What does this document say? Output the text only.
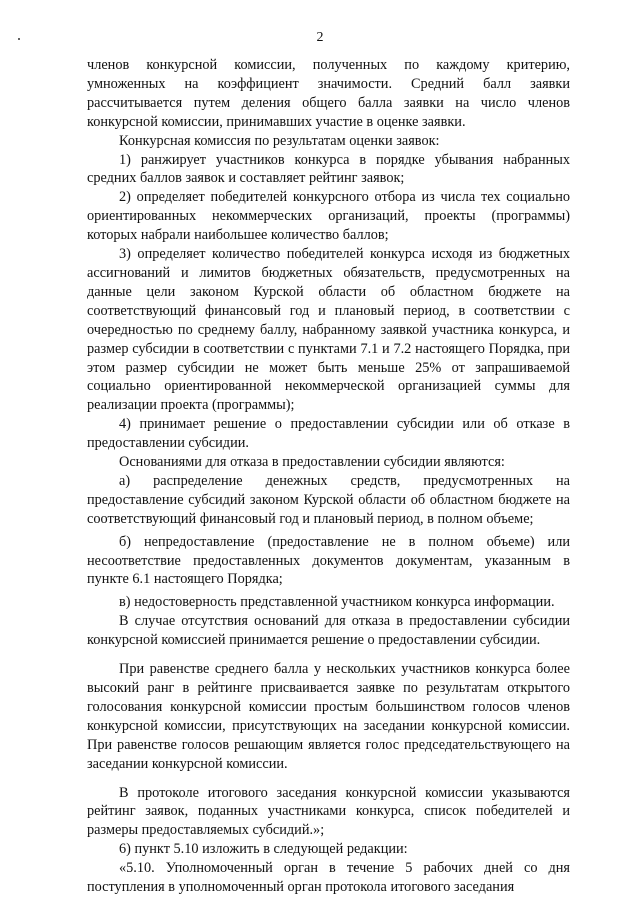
2

членов конкурсной комиссии, полученных по каждому критерию, умноженных на коэффициент значимости. Средний балл заявки рассчитывается путем деления общего балла заявки на число членов конкурсной комиссии, принимавших участие в оценке заявки.

Конкурсная комиссия по результатам оценки заявок:

1) ранжирует участников конкурса в порядке убывания набранных средних баллов заявок и составляет рейтинг заявок;

2) определяет победителей конкурсного отбора из числа тех социально ориентированных некоммерческих организаций, проекты (программы) которых набрали наибольшее количество баллов;

3) определяет количество победителей конкурса исходя из бюджетных ассигнований и лимитов бюджетных обязательств, предусмотренных на данные цели законом Курской области об областном бюджете на соответствующий финансовый год и плановый период, в соответствии с очередностью по среднему баллу, набранному заявкой участника конкурса, и размер субсидии в соответствии с пунктами 7.1 и 7.2 настоящего Порядка, при этом размер субсидии не может быть меньше 25% от запрашиваемой социально ориентированной некоммерческой организацией суммы для реализации проекта (программы);

4) принимает решение о предоставлении субсидии или об отказе в предоставлении субсидии.

Основаниями для отказа в предоставлении субсидии являются:

а) распределение денежных средств, предусмотренных на предоставление субсидий законом Курской области об областном бюджете на соответствующий финансовый год и плановый период, в полном объеме;

б) непредоставление (предоставление не в полном объеме) или несоответствие предоставленных документов документам, указанным в пункте 6.1 настоящего Порядка;

в) недостоверность представленной участником конкурса информации.

В случае отсутствия оснований для отказа в предоставлении субсидии конкурсной комиссией принимается решение о предоставлении субсидии.

При равенстве среднего балла у нескольких участников конкурса более высокий ранг в рейтинге присваивается заявке по результатам открытого голосования конкурсной комиссии простым большинством голосов членов конкурсной комиссии, присутствующих на заседании конкурсной комиссии. При равенстве голосов решающим является голос председательствующего на заседании конкурсной комиссии.

В протоколе итогового заседания конкурсной комиссии указываются рейтинг заявок, поданных участниками конкурса, список победителей и размеры предоставляемых субсидий.»;

6) пункт 5.10 изложить в следующей редакции:

«5.10. Уполномоченный орган в течение 5 рабочих дней со дня поступления в уполномоченный орган протокола итогового заседания
